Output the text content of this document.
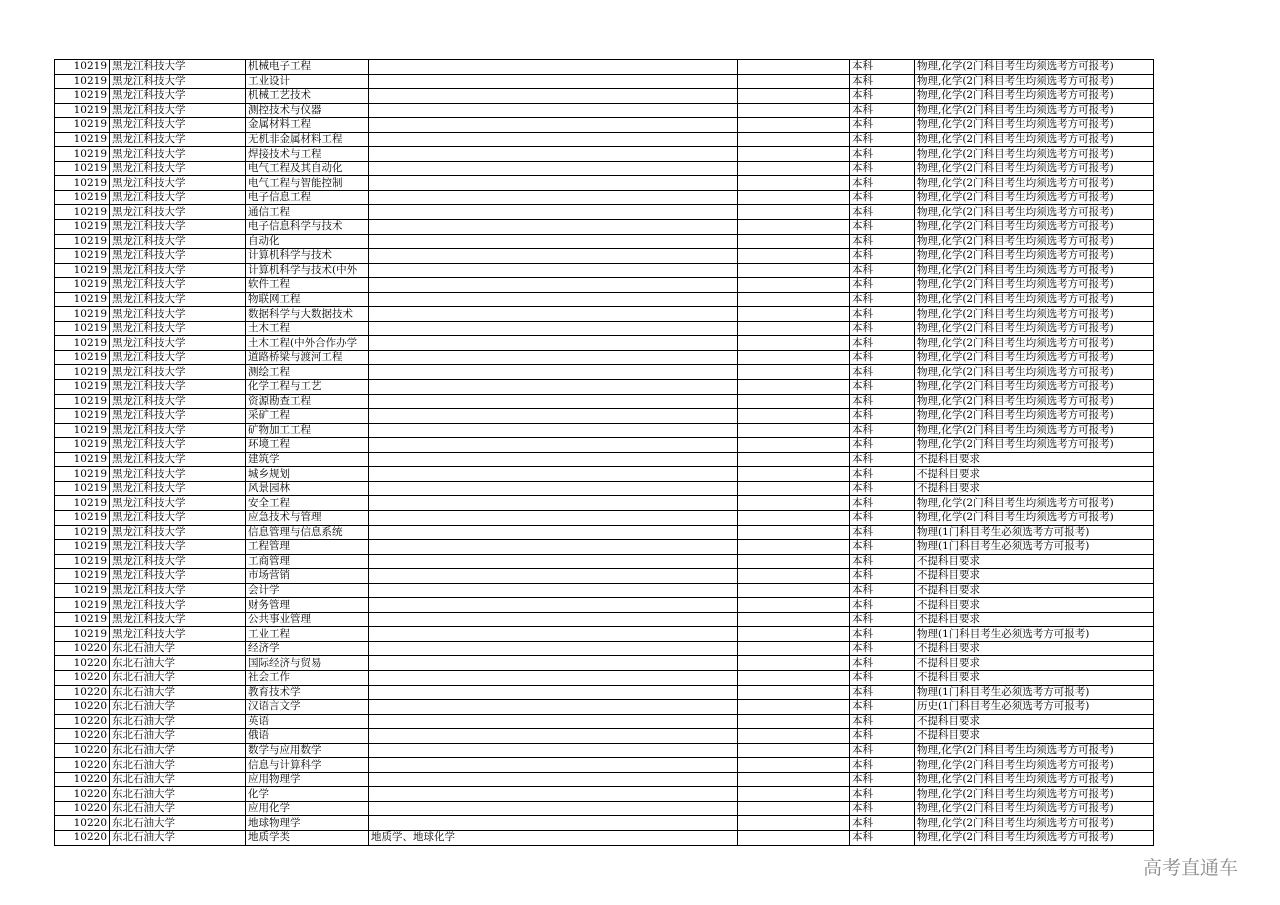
10219	黑龙江科技大学	机械电子工程			本科	物理,化学(2门科目考生均须选考方可报考)
10219	黑龙江科技大学	工业设计			本科	物理,化学(2门科目考生均须选考方可报考)
10219	黑龙江科技大学	机械工艺技术			本科	物理,化学(2门科目考生均须选考方可报考)
10219	黑龙江科技大学	测控技术与仪器			本科	物理,化学(2门科目考生均须选考方可报考)
10219	黑龙江科技大学	金属材料工程			本科	物理,化学(2门科目考生均须选考方可报考)
10219	黑龙江科技大学	无机非金属材料工程			本科	物理,化学(2门科目考生均须选考方可报考)
10219	黑龙江科技大学	焊接技术与工程			本科	物理,化学(2门科目考生均须选考方可报考)
10219	黑龙江科技大学	电气工程及其自动化			本科	物理,化学(2门科目考生均须选考方可报考)
10219	黑龙江科技大学	电气工程与智能控制			本科	物理,化学(2门科目考生均须选考方可报考)
10219	黑龙江科技大学	电子信息工程			本科	物理,化学(2门科目考生均须选考方可报考)
10219	黑龙江科技大学	通信工程			本科	物理,化学(2门科目考生均须选考方可报考)
10219	黑龙江科技大学	电子信息科学与技术			本科	物理,化学(2门科目考生均须选考方可报考)
10219	黑龙江科技大学	自动化			本科	物理,化学(2门科目考生均须选考方可报考)
10219	黑龙江科技大学	计算机科学与技术			本科	物理,化学(2门科目考生均须选考方可报考)
10219	黑龙江科技大学	计算机科学与技术(中外			本科	物理,化学(2门科目考生均须选考方可报考)
10219	黑龙江科技大学	软件工程			本科	物理,化学(2门科目考生均须选考方可报考)
10219	黑龙江科技大学	物联网工程			本科	物理,化学(2门科目考生均须选考方可报考)
10219	黑龙江科技大学	数据科学与大数据技术			本科	物理,化学(2门科目考生均须选考方可报考)
10219	黑龙江科技大学	土木工程			本科	物理,化学(2门科目考生均须选考方可报考)
10219	黑龙江科技大学	土木工程(中外合作办学			本科	物理,化学(2门科目考生均须选考方可报考)
10219	黑龙江科技大学	道路桥梁与渡河工程			本科	物理,化学(2门科目考生均须选考方可报考)
10219	黑龙江科技大学	测绘工程			本科	物理,化学(2门科目考生均须选考方可报考)
10219	黑龙江科技大学	化学工程与工艺			本科	物理,化学(2门科目考生均须选考方可报考)
10219	黑龙江科技大学	资源勘查工程			本科	物理,化学(2门科目考生均须选考方可报考)
10219	黑龙江科技大学	采矿工程			本科	物理,化学(2门科目考生均须选考方可报考)
10219	黑龙江科技大学	矿物加工工程			本科	物理,化学(2门科目考生均须选考方可报考)
10219	黑龙江科技大学	环境工程			本科	物理,化学(2门科目考生均须选考方可报考)
10219	黑龙江科技大学	建筑学			本科	不提科目要求
10219	黑龙江科技大学	城乡规划			本科	不提科目要求
10219	黑龙江科技大学	风景园林			本科	不提科目要求
10219	黑龙江科技大学	安全工程			本科	物理,化学(2门科目考生均须选考方可报考)
10219	黑龙江科技大学	应急技术与管理			本科	物理,化学(2门科目考生均须选考方可报考)
10219	黑龙江科技大学	信息管理与信息系统			本科	物理(1门科目考生必须选考方可报考)
10219	黑龙江科技大学	工程管理			本科	物理(1门科目考生必须选考方可报考)
10219	黑龙江科技大学	工商管理			本科	不提科目要求
10219	黑龙江科技大学	市场营销			本科	不提科目要求
10219	黑龙江科技大学	会计学			本科	不提科目要求
10219	黑龙江科技大学	财务管理			本科	不提科目要求
10219	黑龙江科技大学	公共事业管理			本科	不提科目要求
10219	黑龙江科技大学	工业工程			本科	物理(1门科目考生必须选考方可报考)
10220	东北石油大学	经济学			本科	不提科目要求
10220	东北石油大学	国际经济与贸易			本科	不提科目要求
10220	东北石油大学	社会工作			本科	不提科目要求
10220	东北石油大学	教育技术学			本科	物理(1门科目考生必须选考方可报考)
10220	东北石油大学	汉语言文学			本科	历史(1门科目考生必须选考方可报考)
10220	东北石油大学	英语			本科	不提科目要求
10220	东北石油大学	俄语			本科	不提科目要求
10220	东北石油大学	数学与应用数学			本科	物理,化学(2门科目考生均须选考方可报考)
10220	东北石油大学	信息与计算科学			本科	物理,化学(2门科目考生均须选考方可报考)
10220	东北石油大学	应用物理学			本科	物理,化学(2门科目考生均须选考方可报考)
10220	东北石油大学	化学			本科	物理,化学(2门科目考生均须选考方可报考)
10220	东北石油大学	应用化学			本科	物理,化学(2门科目考生均须选考方可报考)
10220	东北石油大学	地球物理学			本科	物理,化学(2门科目考生均须选考方可报考)
10220	东北石油大学	地质学类	地质学、地球化学		本科	物理,化学(2门科目考生均须选考方可报考)
高考直通车
